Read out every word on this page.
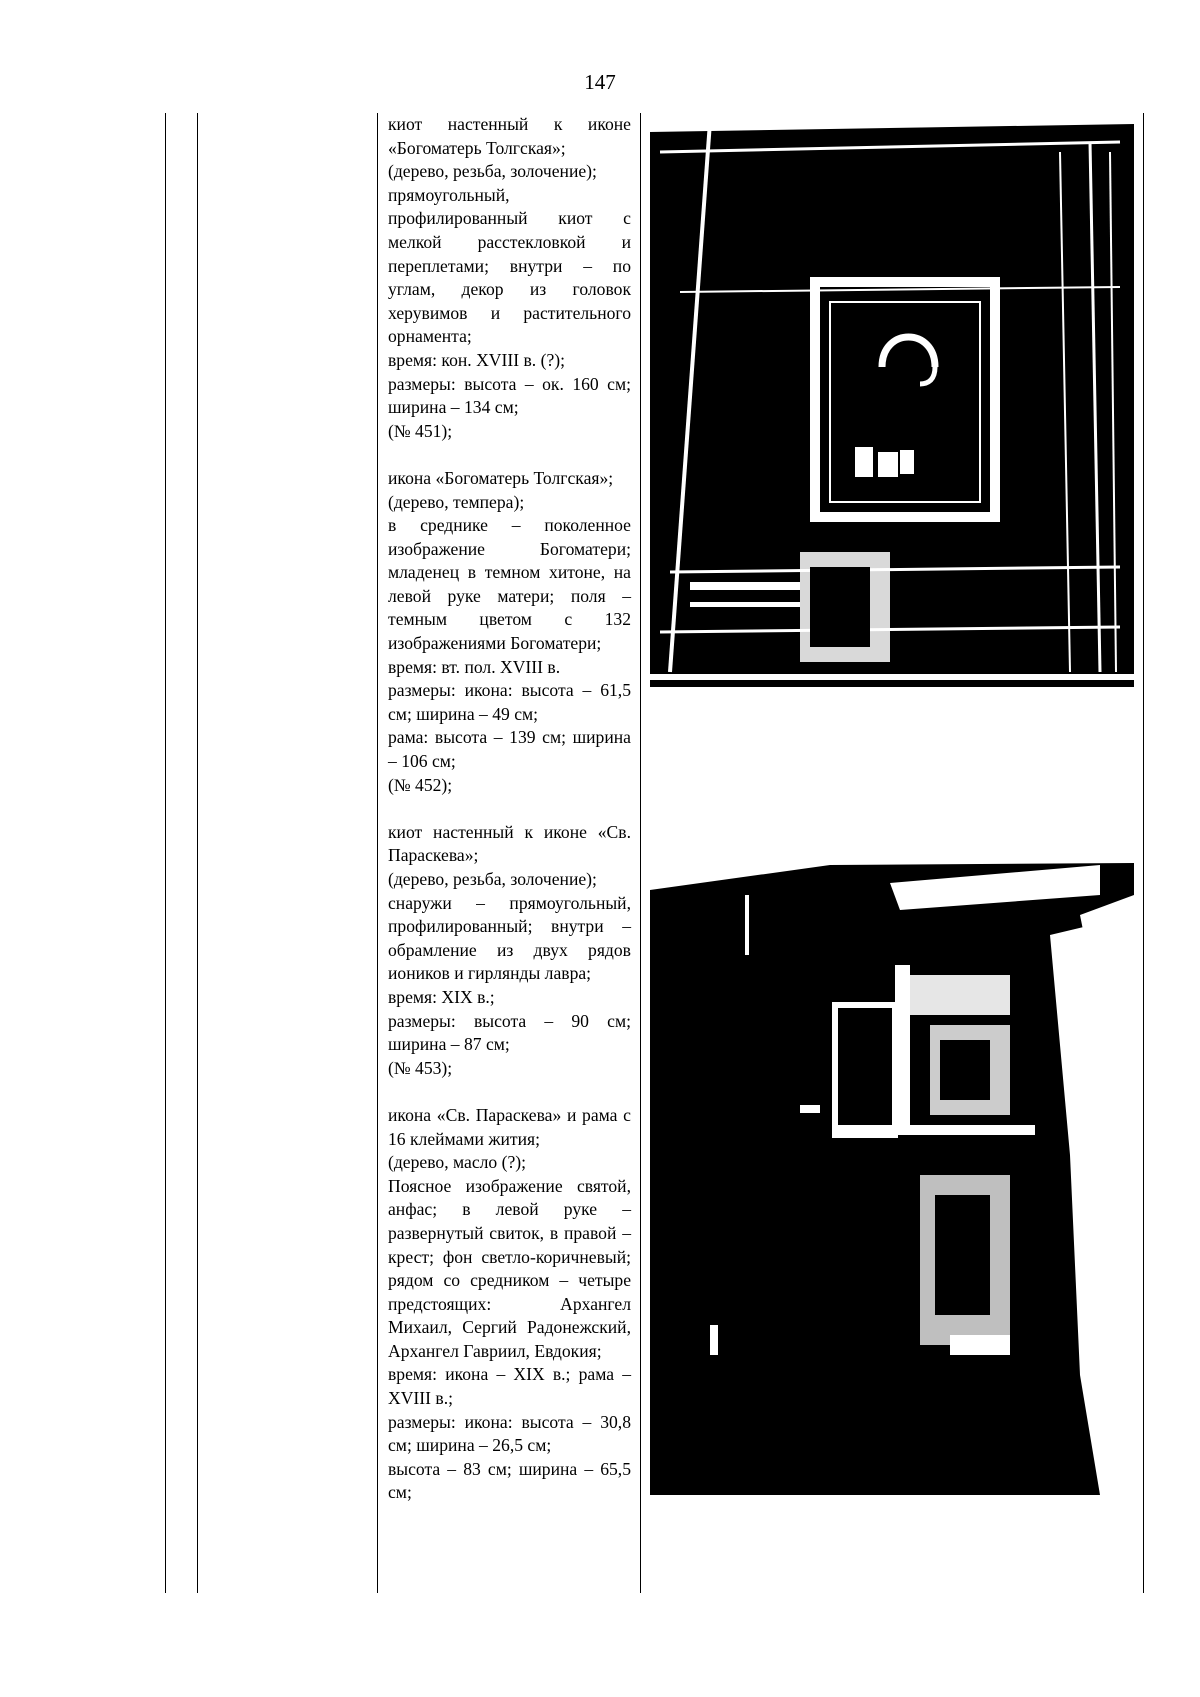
147

киот настенный к иконе «Богоматерь Толгская»;

(дерево, резьба, золочение);

прямоугольный, профилированный киот с мелкой расстекловкой и переплетами; внутри – по углам, декор из головок херувимов и растительного орнамента;

время: кон. XVIII в. (?);

размеры: высота – ок. 160 см; ширина – 134 см;

(№ 451);

икона «Богоматерь Толгская»;

(дерево, темпера);

в среднике – поколенное изображение Богоматери; младенец в темном хитоне, на левой руке матери; поля – темным цветом с 132 изображениями Богоматери;

время: вт. пол. XVIII в.

размеры: икона: высота – 61,5 см; ширина – 49 см;

рама: высота – 139 см; ширина – 106 см;

(№ 452);

киот настенный к иконе «Св. Параскева»;

(дерево, резьба, золочение);

снаружи – прямоугольный, профилированный; внутри – обрамление из двух рядов иоников и гирлянды лавра;

время: XIX в.;

размеры: высота – 90 см; ширина – 87 см;

(№ 453);

икона «Св. Параскева» и рама с 16 клеймами жития;

(дерево, масло (?);

Поясное изображение святой, анфас; в левой руке – развернутый свиток, в правой – крест; фон светло-коричневый; рядом со средником – четыре предстоящих: Архангел Михаил, Сергий Радонежский, Архангел Гавриил, Евдокия;

время: икона – XIX в.; рама – XVIII в.;

размеры: икона: высота – 30,8 см; ширина – 26,5 см;

высота – 83 см; ширина – 65,5 см;
